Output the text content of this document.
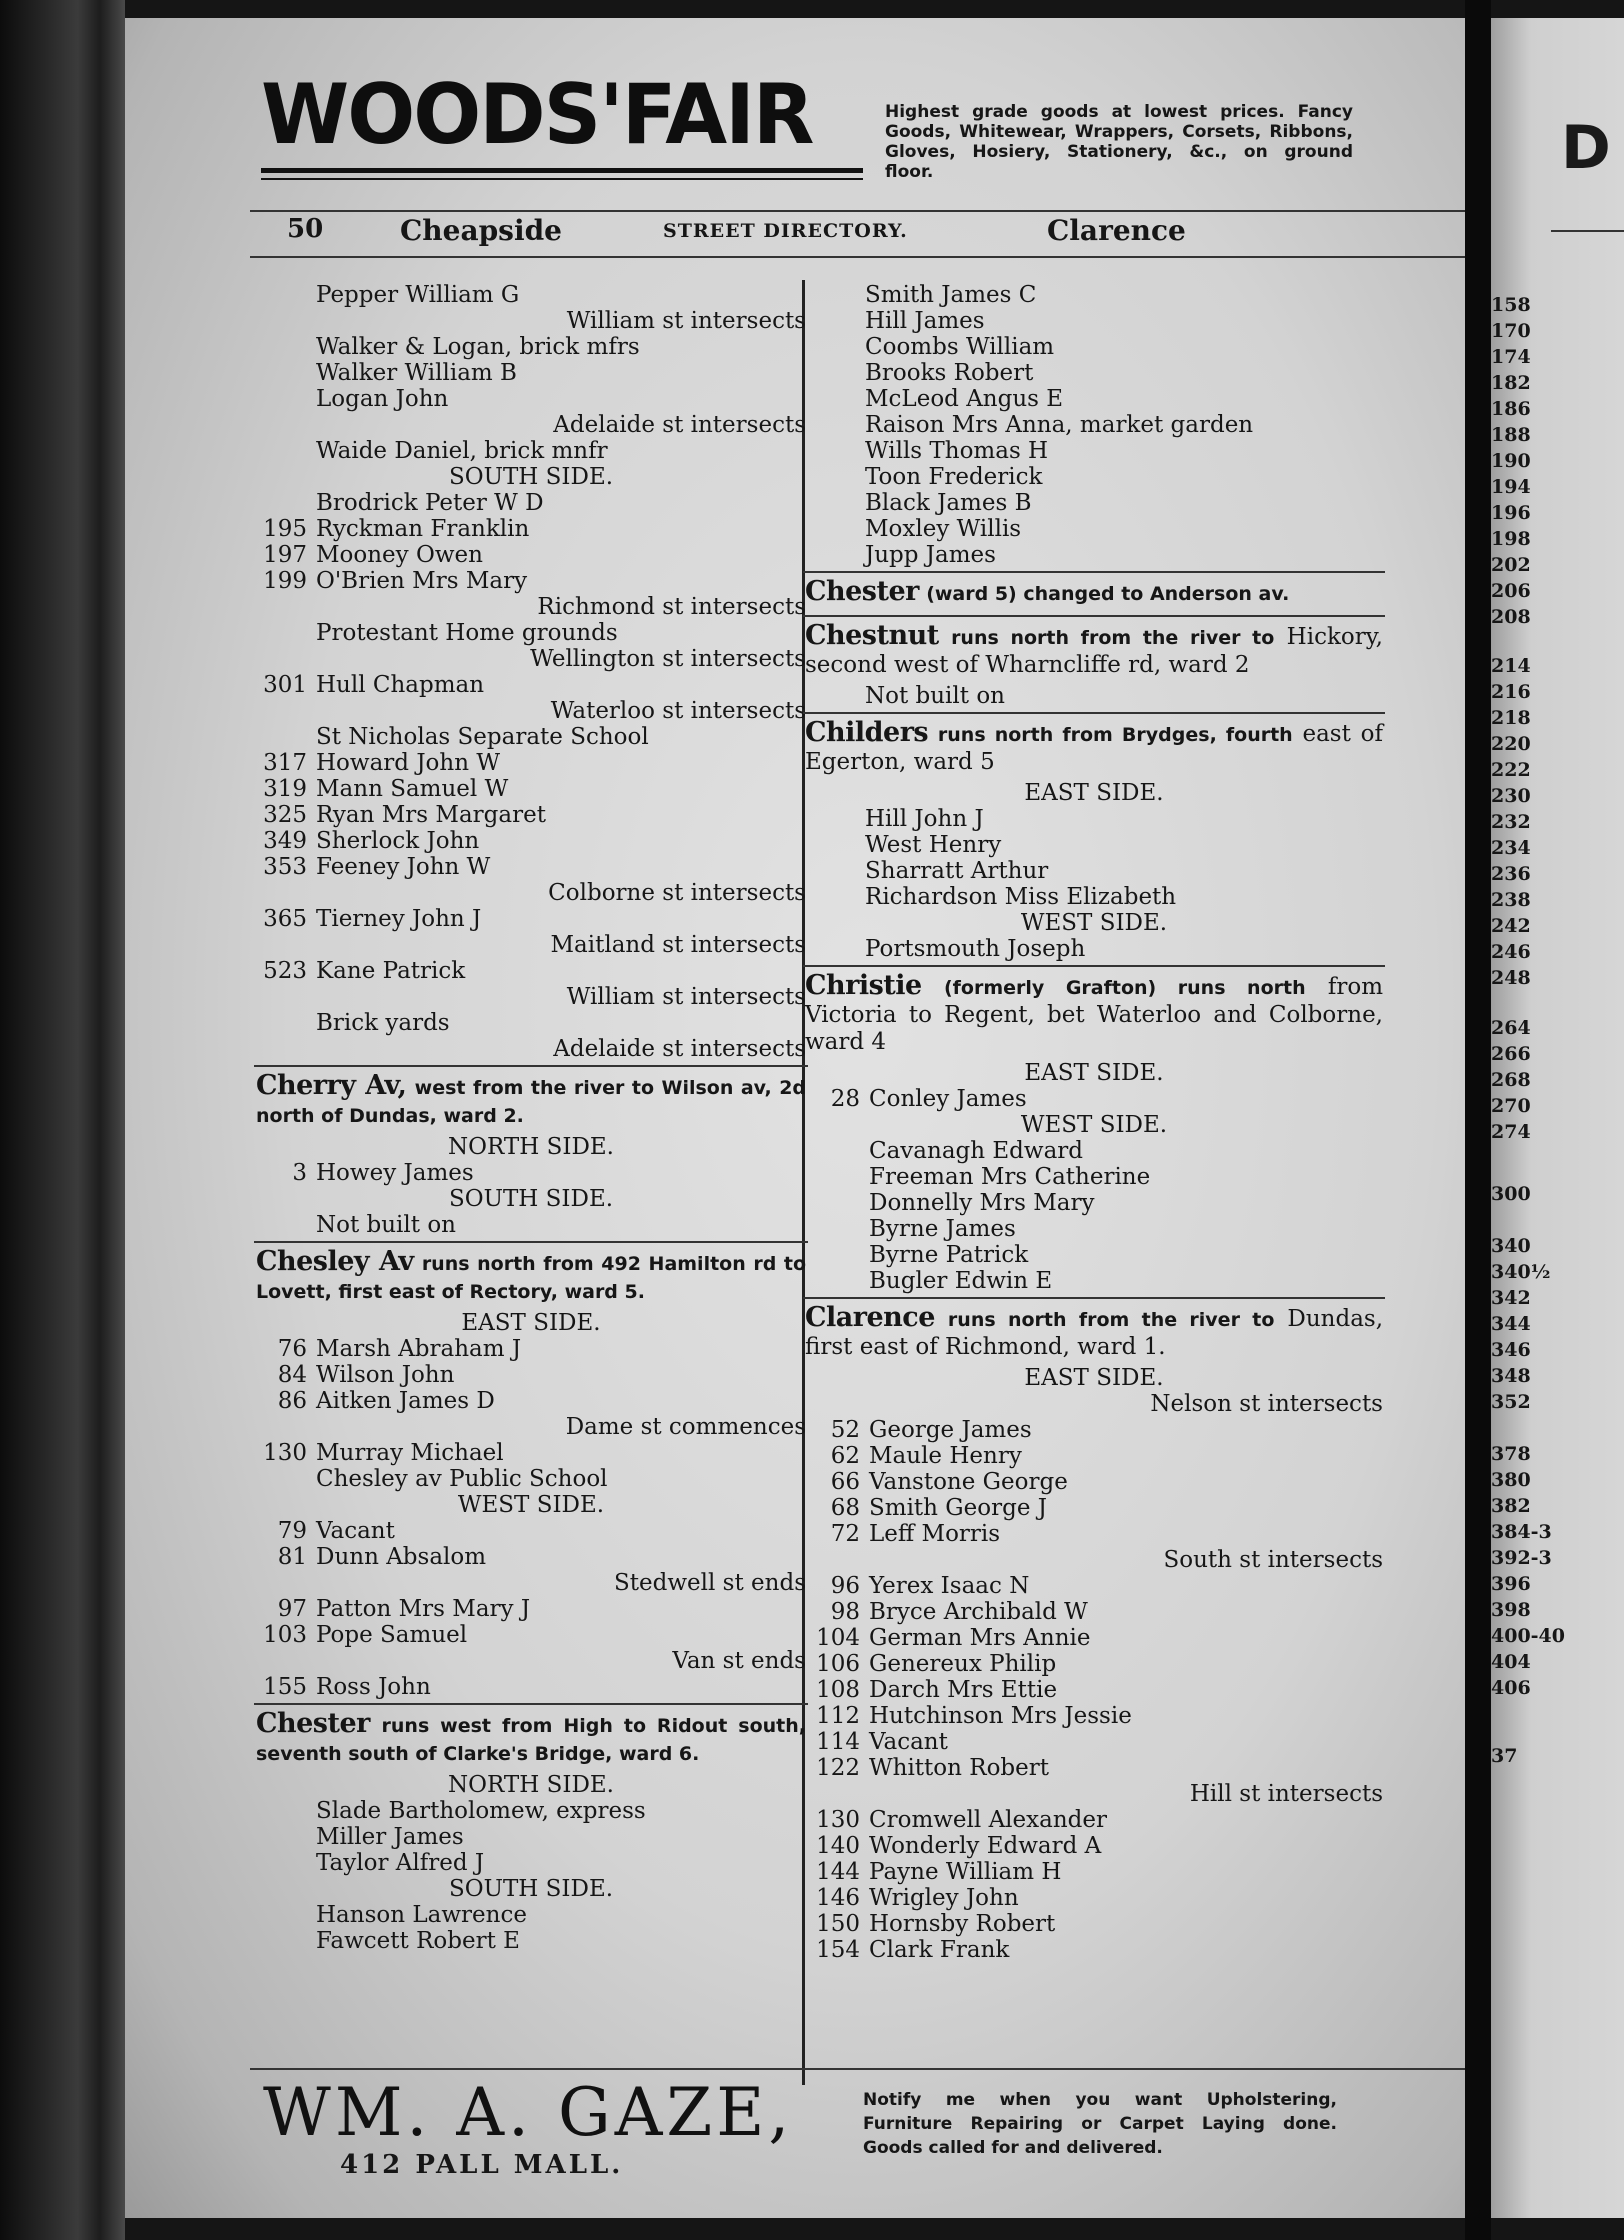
WOODS'FAIR	Highest grade goods at lowest prices. Fancy Goods, Whitewear, Wrappers, Corsets, Ribbons, Gloves, Hosiery, Stationery, &c., on ground floor.
50	Cheapside	STREET DIRECTORY.	Clarence
Pepper William G
William st intersects
Walker & Logan, brick mfrs
Walker William B
Logan John
Adelaide st intersects
Waide Daniel, brick mnfr
SOUTH SIDE.
Brodrick Peter W D
195 Ryckman Franklin
197 Mooney Owen
199 O'Brien Mrs Mary
Richmond st intersects
Protestant Home grounds
Wellington st intersects
301 Hull Chapman
Waterloo st intersects
St Nicholas Separate School
317 Howard John W
319 Mann Samuel W
325 Ryan Mrs Margaret
349 Sherlock John
353 Feeney John W
Colborne st intersects
365 Tierney John J
Maitland st intersects
523 Kane Patrick
William st intersects
Brick yards
Adelaide st intersects
Cherry Av, west from the river to Wilson av, 2d north of Dundas, ward 2.
NORTH SIDE.
3 Howey James
SOUTH SIDE.
Not built on
Chesley Av runs north from 492 Hamilton rd to Lovett, first east of Rectory, ward 5.
EAST SIDE.
76 Marsh Abraham J
84 Wilson John
86 Aitken James D
Dame st commences
130 Murray Michael
Chesley av Public School
WEST SIDE.
79 Vacant
81 Dunn Absalom
Stedwell st ends
97 Patton Mrs Mary J
103 Pope Samuel
Van st ends
155 Ross John
Chester runs west from High to Ridout south, seventh south of Clarke's Bridge, ward 6.
NORTH SIDE.
Slade Bartholomew, express
Miller James
Taylor Alfred J
SOUTH SIDE.
Hanson Lawrence
Fawcett Robert E
Smith James C
Hill James
Coombs William
Brooks Robert
McLeod Angus E
Raison Mrs Anna, market garden
Wills Thomas H
Toon Frederick
Black James B
Moxley Willis
Jupp James
Chester (ward 5) changed to Anderson av.
Chestnut runs north from the river to Hickory, second west of Wharncliffe rd, ward 2
Not built on
Childers runs north from Brydges, fourth east of Egerton, ward 5
EAST SIDE.
Hill John J
West Henry
Sharratt Arthur
Richardson Miss Elizabeth
WEST SIDE.
Portsmouth Joseph
Christie (formerly Grafton) runs north from Victoria to Regent, bet Waterloo and Colborne, ward 4
EAST SIDE.
28 Conley James
WEST SIDE.
Cavanagh Edward
Freeman Mrs Catherine
Donnelly Mrs Mary
Byrne James
Byrne Patrick
Bugler Edwin E
Clarence runs north from the river to Dundas, first east of Richmond, ward 1.
EAST SIDE.
Nelson st intersects
52 George James
62 Maule Henry
66 Vanstone George
68 Smith George J
72 Leff Morris
South st intersects
96 Yerex Isaac N
98 Bryce Archibald W
104 German Mrs Annie
106 Genereux Philip
108 Darch Mrs Ettie
112 Hutchinson Mrs Jessie
114 Vacant
122 Whitton Robert
Hill st intersects
130 Cromwell Alexander
140 Wonderly Edward A
144 Payne William H
146 Wrigley John
150 Hornsby Robert
154 Clark Frank
WM. A. GAZE,
412 PALL MALL.
Notify me when you want Upholstering, Furniture Repairing or Carpet Laying done. Goods called for and delivered.
D
158
170
174
182
186
188
190
194
196
198
202
206
208
214
216
218
220
222
230
232
234
236
238
242
246
248
264
266
268
270
274
300
340
340½
342
344
346
348
352
378
380
382
384-3
392-3
396
398
400-40
404
406
37
